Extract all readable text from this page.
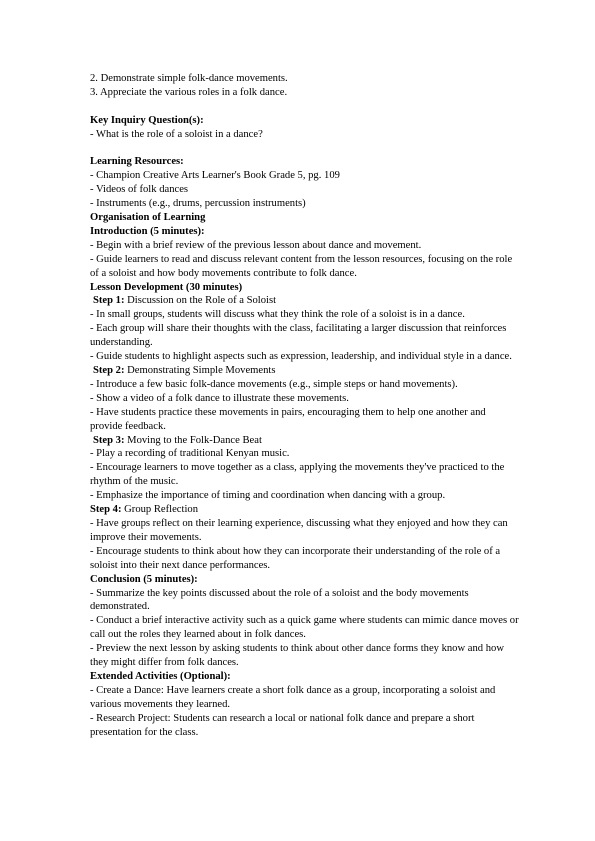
2. Demonstrate simple folk-dance movements.

3. Appreciate the various roles in a folk dance.

Key Inquiry Question(s):

- What is the role of a soloist in a dance?

Learning Resources:

- Champion Creative Arts Learner's Book Grade 5, pg. 109

- Videos of folk dances

- Instruments (e.g., drums, percussion instruments)

Organisation of Learning

Introduction (5 minutes):

- Begin with a brief review of the previous lesson about dance and movement.

- Guide learners to read and discuss relevant content from the lesson resources, focusing on the role of a soloist and how body movements contribute to folk dance.

Lesson Development (30 minutes)

Step 1: Discussion on the Role of a Soloist

- In small groups, students will discuss what they think the role of a soloist is in a dance.

- Each group will share their thoughts with the class, facilitating a larger discussion that reinforces understanding.

- Guide students to highlight aspects such as expression, leadership, and individual style in a dance.

Step 2: Demonstrating Simple Movements

- Introduce a few basic folk-dance movements (e.g., simple steps or hand movements).

- Show a video of a folk dance to illustrate these movements.

- Have students practice these movements in pairs, encouraging them to help one another and provide feedback.

Step 3: Moving to the Folk-Dance Beat

- Play a recording of traditional Kenyan music.

- Encourage learners to move together as a class, applying the movements they've practiced to the rhythm of the music.

- Emphasize the importance of timing and coordination when dancing with a group.

Step 4: Group Reflection

- Have groups reflect on their learning experience, discussing what they enjoyed and how they can improve their movements.

- Encourage students to think about how they can incorporate their understanding of the role of a soloist into their next dance performances.

Conclusion (5 minutes):

- Summarize the key points discussed about the role of a soloist and the body movements demonstrated.

- Conduct a brief interactive activity such as a quick game where students can mimic dance moves or call out the roles they learned about in folk dances.

- Preview the next lesson by asking students to think about other dance forms they know and how they might differ from folk dances.

Extended Activities (Optional):

- Create a Dance: Have learners create a short folk dance as a group, incorporating a soloist and various movements they learned.

- Research Project: Students can research a local or national folk dance and prepare a short presentation for the class.
